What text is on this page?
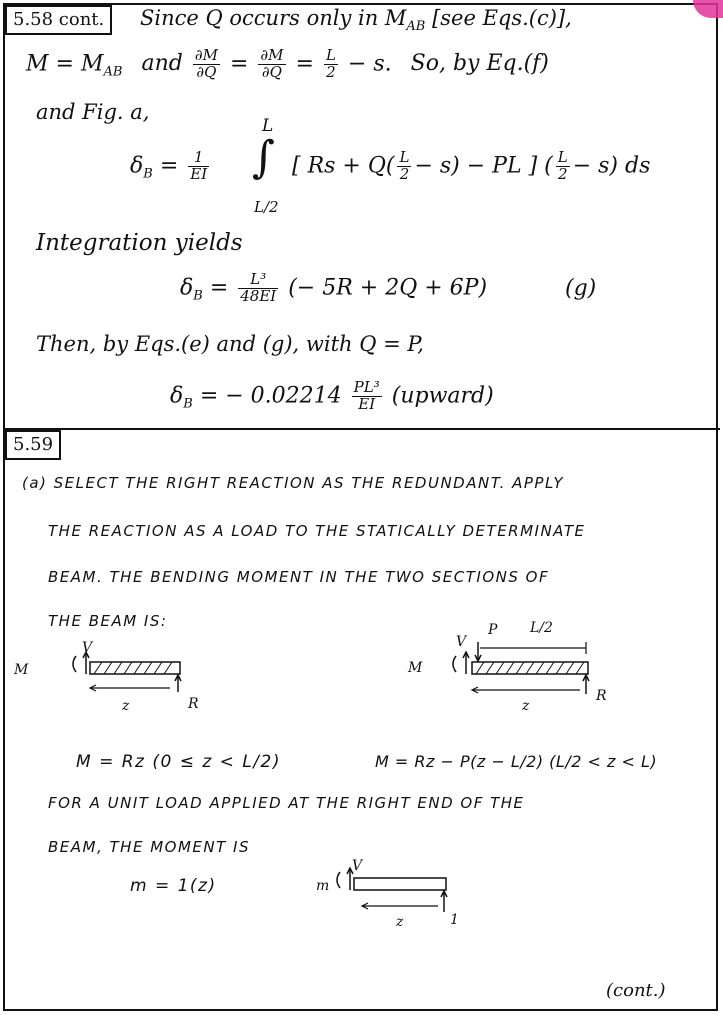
5.58 cont.	Since Q occurs only in $M_{AB}$ [see Eqs.(c)],
$M = M_{AB}$ and $\frac{\partial M}{\partial Q} = \frac{\partial M}{\partial Q} = \frac{L}{2} - s$. So, by Eq.(f)
and Fig. a,
$\delta_B = \frac{1}{EI}$ ∫
L
L/2
[ $Rs + Q( \frac{L}{2} - s)$ − PL ] ( $\frac{L}{2} - s$) ds
Integration yields
$\delta_B = \frac{\text{L³}}{48EI}$ (− 5R + 2Q + 6P)	(g)
Then, by Eqs.(e) and (g), with Q = P,
$\delta_B$ = − $0.02214 \frac{\text{PL³}}{EI}$ (upward)
5.59
(a) SELECT THE RIGHT REACTION AS THE REDUNDANT. APPLY
THE REACTION AS A LOAD TO THE STATICALLY DETERMINATE
BEAM. THE BENDING MOMENT IN THE TWO SECTIONS OF
THE BEAM IS:
M
V
z	R
M
V
P L/2
z
R
M = Rz (0 ≤ z < L/2)	M = Rz − P(z − L/2) (L/2 < z < L)
FOR A UNIT LOAD APPLIED AT THE RIGHT END OF THE
BEAM, THE MOMENT IS
m = 1(z)	m
V
z	1
(cont.)
